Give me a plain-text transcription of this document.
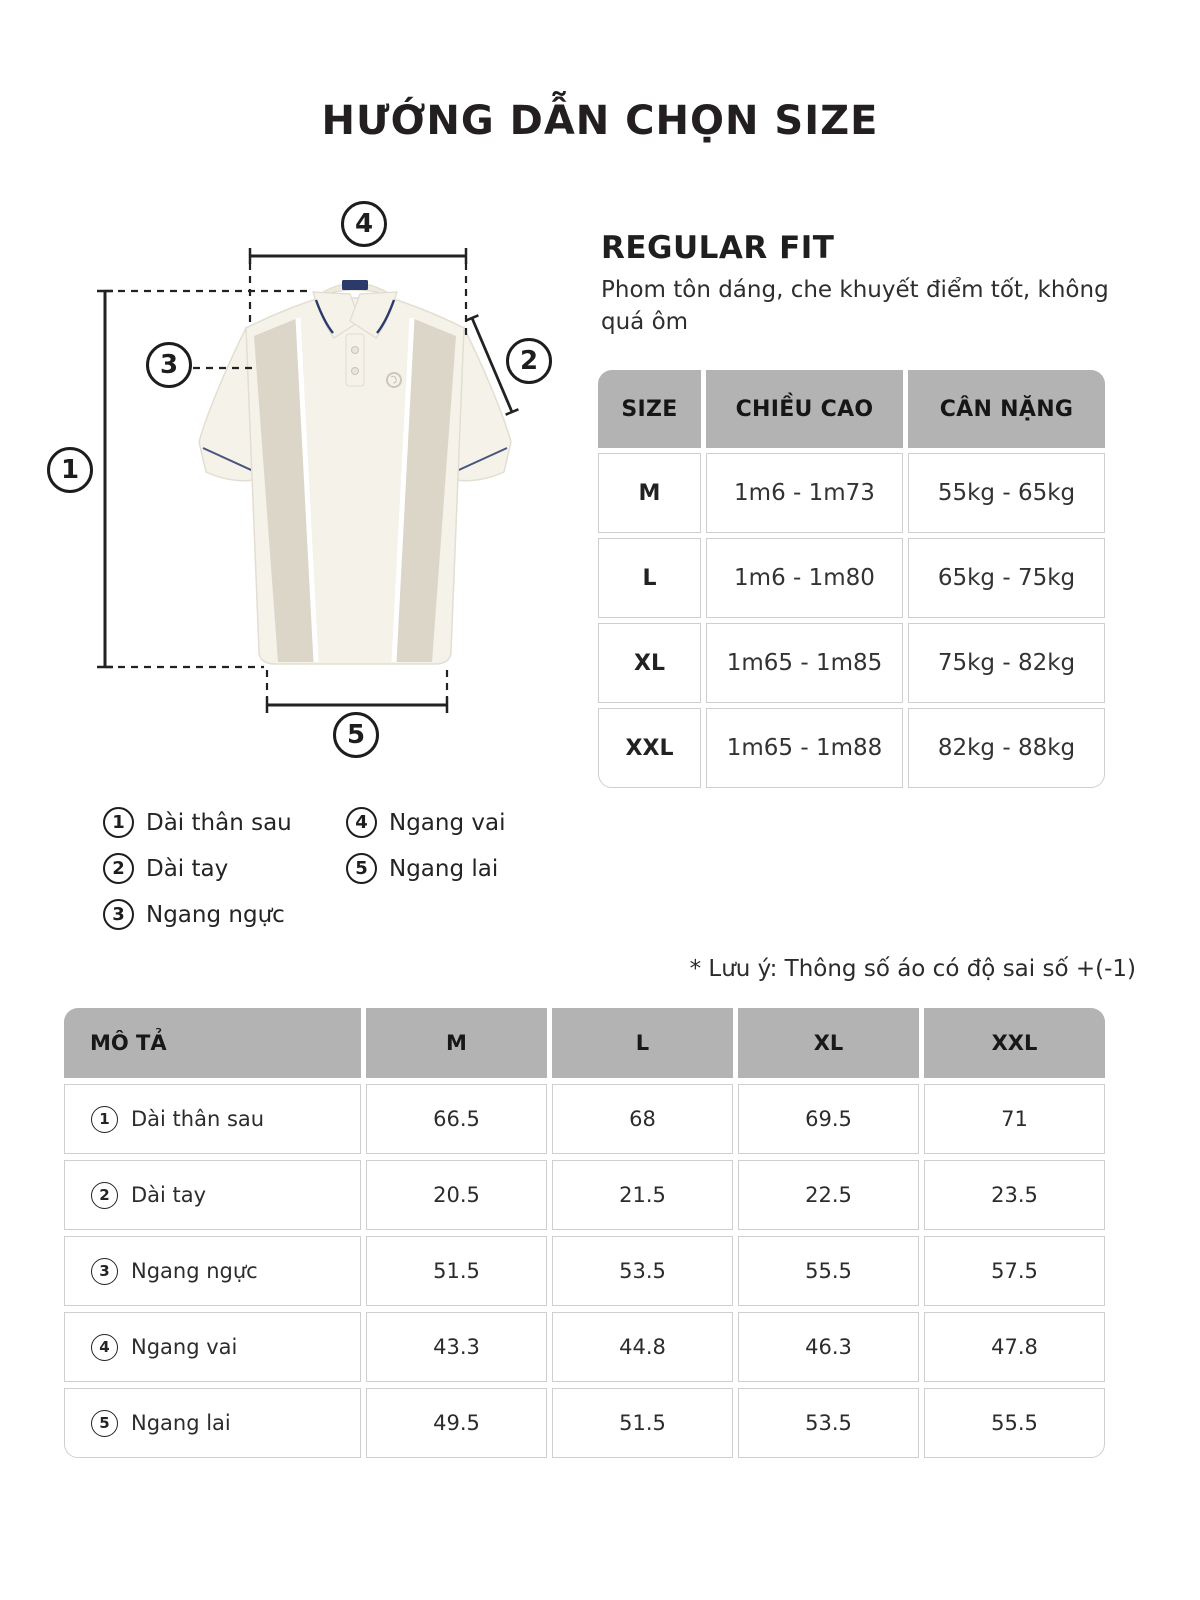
HƯỚNG DẪN CHỌN SIZE
4
1
3	2
5
REGULAR FIT
Phom tôn dáng, che khuyết điểm tốt, không quá ôm
SIZE	CHIỀU CAO	CÂN NẶNG
M	1m6 - 1m73	55kg - 65kg
L	1m6 - 1m80	65kg - 75kg
XL	1m65 - 1m85	75kg - 82kg
XXL	1m65 - 1m88	82kg - 88kg
1 Dài thân sau
2 Dài tay
3 Ngang ngực
4 Ngang vai
5 Ngang lai
* Lưu ý: Thông số áo có độ sai số +(-1)
MÔ TẢ	M	L	XL	XXL
1	Dài thân sau	66.5	68	69.5	71
2	Dài tay	20.5	21.5	22.5	23.5
3	Ngang ngực	51.5	53.5	55.5	57.5
4	Ngang vai	43.3	44.8	46.3	47.8
5	Ngang lai	49.5	51.5	53.5	55.5
